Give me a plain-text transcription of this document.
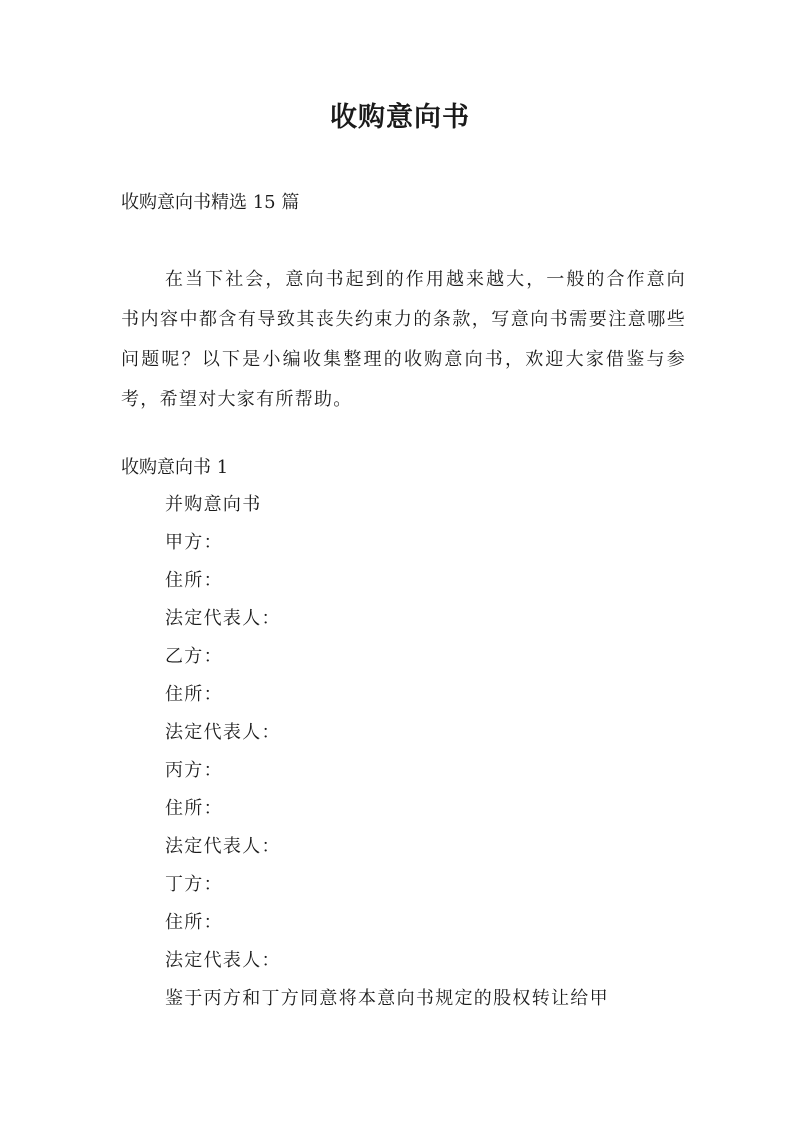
收购意向书
收购意向书精选 15 篇

在当下社会，意向书起到的作用越来越大，一般的合作意向书内容中都含有导致其丧失约束力的条款，写意向书需要注意哪些问题呢？以下是小编收集整理的收购意向书，欢迎大家借鉴与参考，希望对大家有所帮助。

收购意向书 1
并购意向书
甲方：
住所：
法定代表人：
乙方：
住所：
法定代表人：
丙方：
住所：
法定代表人：
丁方：
住所：
法定代表人：
鉴于丙方和丁方同意将本意向书规定的股权转让给甲
